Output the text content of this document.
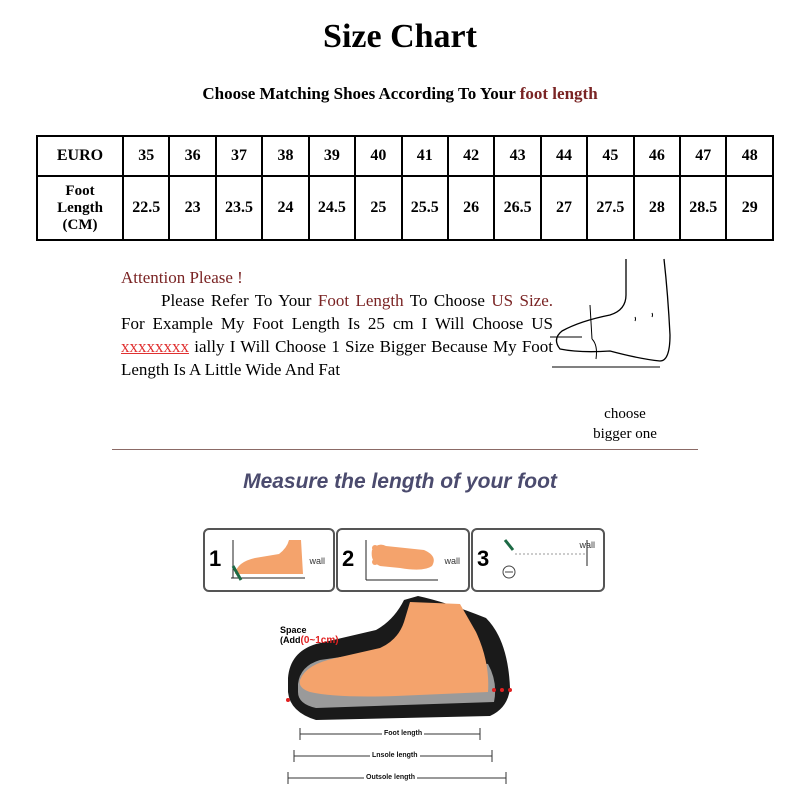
Size Chart
Choose Matching Shoes According To Your foot length
EURO	35	36	37	38	39	40	41	42	43	44	45	46	47	48
Foot
Length
(CM)	22.5	23	23.5	24	24.5	25	25.5	26	26.5	27	27.5	28	28.5	29

Attention Please !

Please Refer To Your Foot Length To Choose US Size. For Example My Foot Length Is 25 cm I Will Choose US xxxxxxxx ially I Will Choose 1 Size Bigger Because My Foot Length Is A Little Wide And Fat

choose
bigger one
Measure the length of your foot
1	wall 2	wall 3
wall
Space
(Add(0~1cm)
Foot length
Lnsole length
Outsole length
